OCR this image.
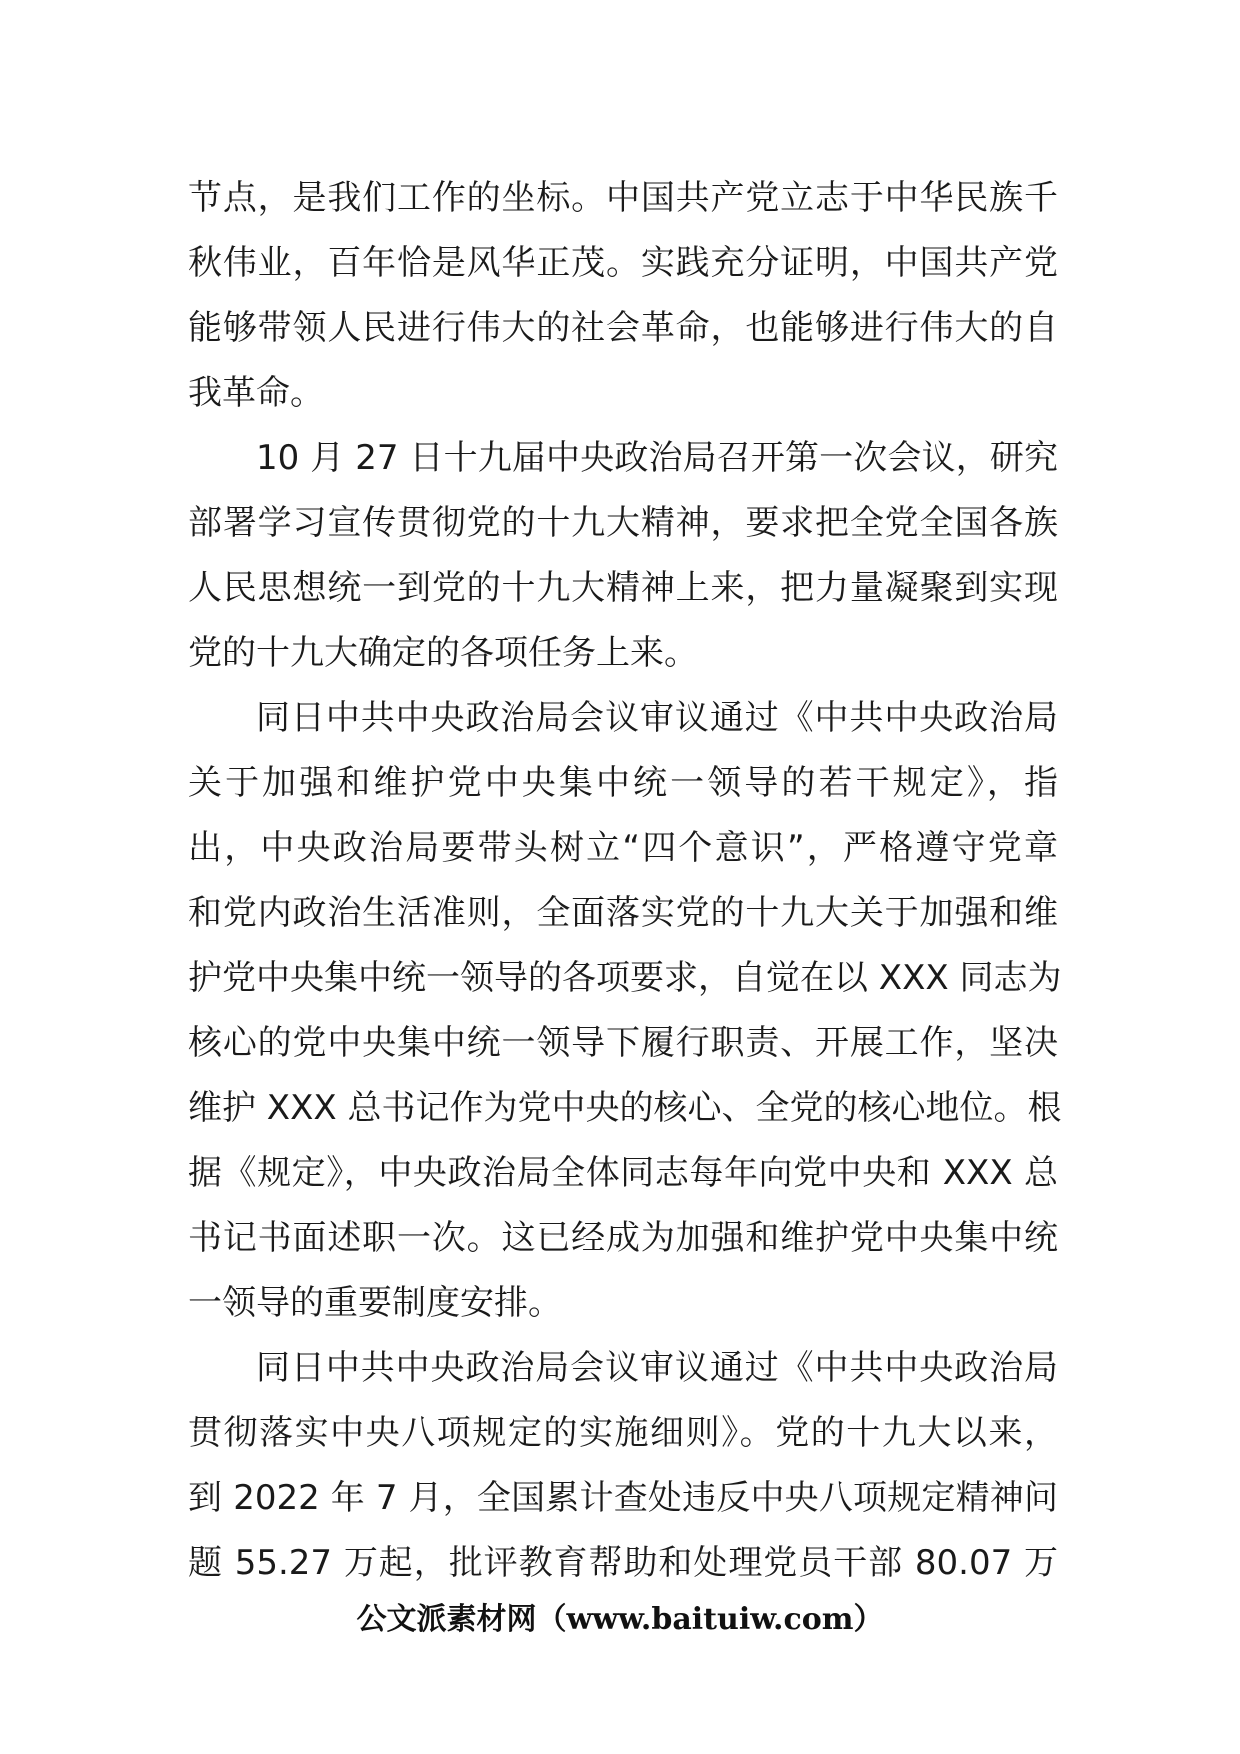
节点，是我们工作的坐标。中国共产党立志于中华民族千
秋伟业，百年恰是风华正茂。实践充分证明，中国共产党
能够带领人民进行伟大的社会革命，也能够进行伟大的自
我革命。
10 月 27 日十九届中央政治局召开第一次会议，研究
部署学习宣传贯彻党的十九大精神，要求把全党全国各族
人民思想统一到党的十九大精神上来，把力量凝聚到实现
党的十九大确定的各项任务上来。
同日中共中央政治局会议审议通过《中共中央政治局
关于加强和维护党中央集中统一领导的若干规定》，指
出，中央政治局要带头树立“四个意识”，严格遵守党章
和党内政治生活准则，全面落实党的十九大关于加强和维
护党中央集中统一领导的各项要求，自觉在以 XXX 同志为
核心的党中央集中统一领导下履行职责、开展工作，坚决
维护 XXX 总书记作为党中央的核心、全党的核心地位。根
据《规定》，中央政治局全体同志每年向党中央和 XXX 总
书记书面述职一次。这已经成为加强和维护党中央集中统
一领导的重要制度安排。
同日中共中央政治局会议审议通过《中共中央政治局
贯彻落实中央八项规定的实施细则》。党的十九大以来，
到 2022 年 7 月，全国累计查处违反中央八项规定精神问
题 55.27 万起，批评教育帮助和处理党员干部 80.07 万
公文派素材网（www.baituiw.com）
